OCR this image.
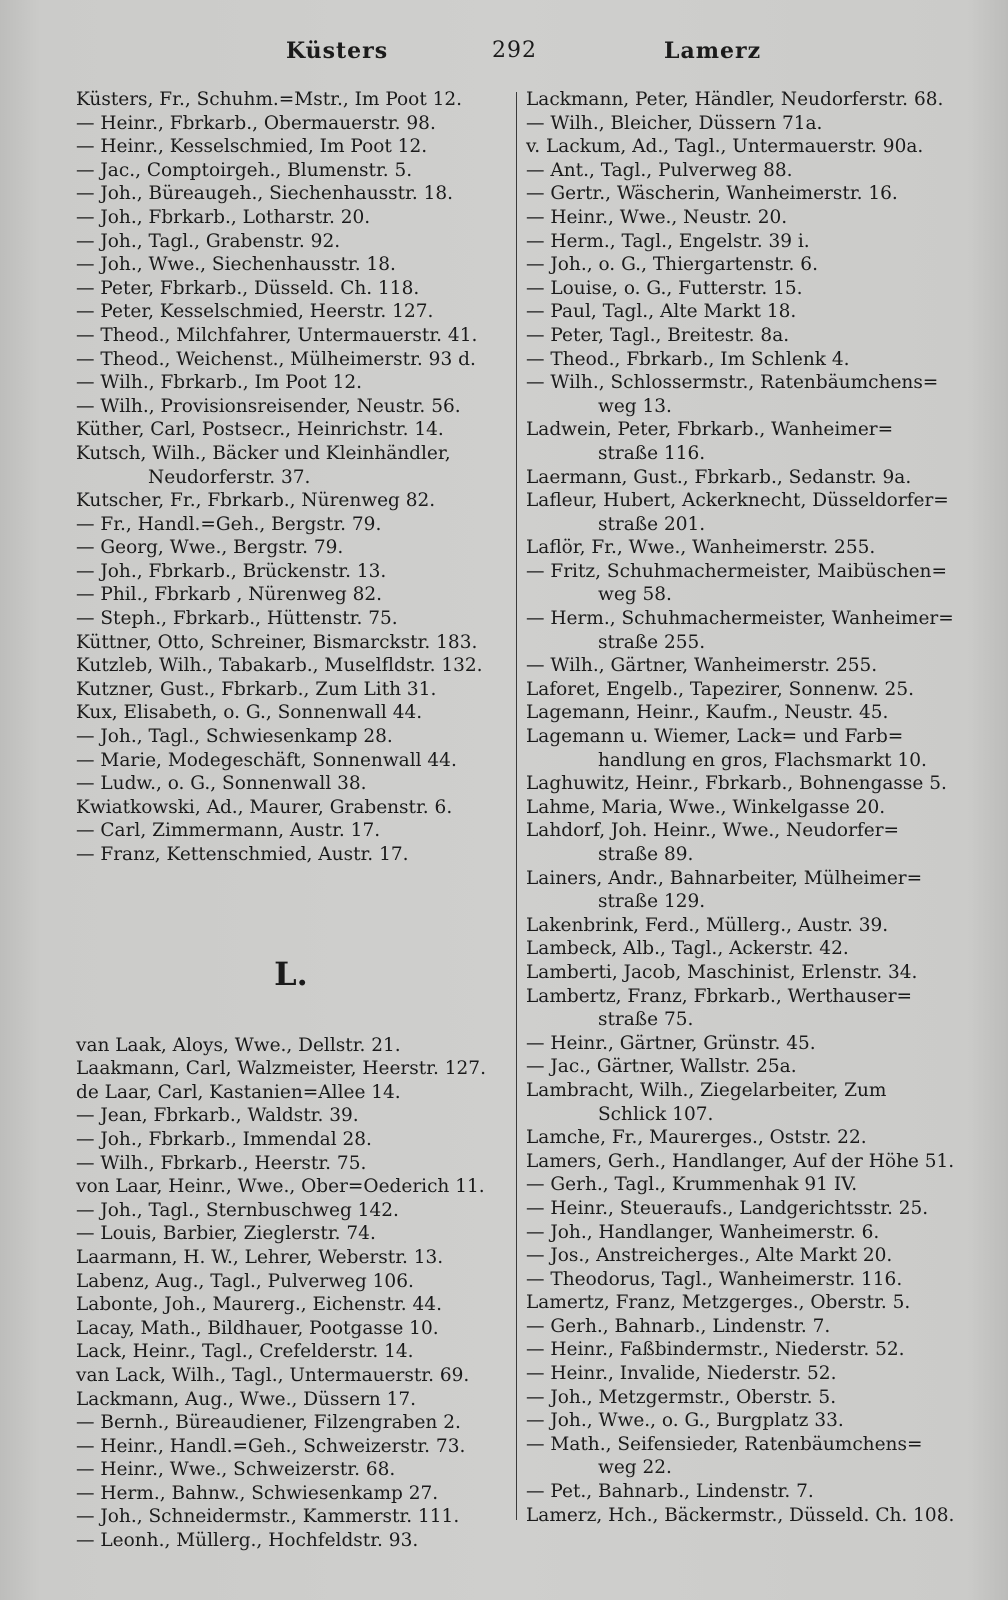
Küsters	292	Lamerz
Küsters, Fr., Schuhm.=Mstr., Im Poot 12.
— Heinr., Fbrkarb., Obermauerstr. 98.
— Heinr., Kesselschmied, Im Poot 12.
— Jac., Comptoirgeh., Blumenstr. 5.
— Joh., Büreaugeh., Siechenhausstr. 18.
— Joh., Fbrkarb., Lotharstr. 20.
— Joh., Tagl., Grabenstr. 92.
— Joh., Wwe., Siechenhausstr. 18.
— Peter, Fbrkarb., Düsseld. Ch. 118.
— Peter, Kesselschmied, Heerstr. 127.
— Theod., Milchfahrer, Untermauerstr. 41.
— Theod., Weichenst., Mülheimerstr. 93 d.
— Wilh., Fbrkarb., Im Poot 12.
— Wilh., Provisionsreisender, Neustr. 56.
Küther, Carl, Postsecr., Heinrichstr. 14.
Kutsch, Wilh., Bäcker und Kleinhändler,
Neudorferstr. 37.
Kutscher, Fr., Fbrkarb., Nürenweg 82.
— Fr., Handl.=Geh., Bergstr. 79.
— Georg, Wwe., Bergstr. 79.
— Joh., Fbrkarb., Brückenstr. 13.
— Phil., Fbrkarb , Nürenweg 82.
— Steph., Fbrkarb., Hüttenstr. 75.
Küttner, Otto, Schreiner, Bismarckstr. 183.
Kutzleb, Wilh., Tabakarb., Muselfldstr. 132.
Kutzner, Gust., Fbrkarb., Zum Lith 31.
Kux, Elisabeth, o. G., Sonnenwall 44.
— Joh., Tagl., Schwiesenkamp 28.
— Marie, Modegeschäft, Sonnenwall 44.
— Ludw., o. G., Sonnenwall 38.
Kwiatkowski, Ad., Maurer, Grabenstr. 6.
— Carl, Zimmermann, Austr. 17.
— Franz, Kettenschmied, Austr. 17.
L.
van Laak, Aloys, Wwe., Dellstr. 21.
Laakmann, Carl, Walzmeister, Heerstr. 127.
de Laar, Carl, Kastanien=Allee 14.
— Jean, Fbrkarb., Waldstr. 39.
— Joh., Fbrkarb., Immendal 28.
— Wilh., Fbrkarb., Heerstr. 75.
von Laar, Heinr., Wwe., Ober=Oederich 11.
— Joh., Tagl., Sternbuschweg 142.
— Louis, Barbier, Zieglerstr. 74.
Laarmann, H. W., Lehrer, Weberstr. 13.
Labenz, Aug., Tagl., Pulverweg 106.
Labonte, Joh., Maurerg., Eichenstr. 44.
Lacay, Math., Bildhauer, Pootgasse 10.
Lack, Heinr., Tagl., Crefelderstr. 14.
van Lack, Wilh., Tagl., Untermauerstr. 69.
Lackmann, Aug., Wwe., Düssern 17.
— Bernh., Büreaudiener, Filzengraben 2.
— Heinr., Handl.=Geh., Schweizerstr. 73.
— Heinr., Wwe., Schweizerstr. 68.
— Herm., Bahnw., Schwiesenkamp 27.
— Joh., Schneidermstr., Kammerstr. 111.
— Leonh., Müllerg., Hochfeldstr. 93.
Lackmann, Peter, Händler, Neudorferstr. 68.
— Wilh., Bleicher, Düssern 71a.
v. Lackum, Ad., Tagl., Untermauerstr. 90a.
— Ant., Tagl., Pulverweg 88.
— Gertr., Wäscherin, Wanheimerstr. 16.
— Heinr., Wwe., Neustr. 20.
— Herm., Tagl., Engelstr. 39 i.
— Joh., o. G., Thiergartenstr. 6.
— Louise, o. G., Futterstr. 15.
— Paul, Tagl., Alte Markt 18.
— Peter, Tagl., Breitestr. 8a.
— Theod., Fbrkarb., Im Schlenk 4.
— Wilh., Schlossermstr., Ratenbäumchens=
weg 13.
Ladwein, Peter, Fbrkarb., Wanheimer=
straße 116.
Laermann, Gust., Fbrkarb., Sedanstr. 9a.
Lafleur, Hubert, Ackerknecht, Düsseldorfer=
straße 201.
Laflör, Fr., Wwe., Wanheimerstr. 255.
— Fritz, Schuhmachermeister, Maibüschen=
weg 58.
— Herm., Schuhmachermeister, Wanheimer=
straße 255.
— Wilh., Gärtner, Wanheimerstr. 255.
Laforet, Engelb., Tapezirer, Sonnenw. 25.
Lagemann, Heinr., Kaufm., Neustr. 45.
Lagemann u. Wiemer, Lack= und Farb=
handlung en gros, Flachsmarkt 10.
Laghuwitz, Heinr., Fbrkarb., Bohnengasse 5.
Lahme, Maria, Wwe., Winkelgasse 20.
Lahdorf, Joh. Heinr., Wwe., Neudorfer=
straße 89.
Lainers, Andr., Bahnarbeiter, Mülheimer=
straße 129.
Lakenbrink, Ferd., Müllerg., Austr. 39.
Lambeck, Alb., Tagl., Ackerstr. 42.
Lamberti, Jacob, Maschinist, Erlenstr. 34.
Lambertz, Franz, Fbrkarb., Werthauser=
straße 75.
— Heinr., Gärtner, Grünstr. 45.
— Jac., Gärtner, Wallstr. 25a.
Lambracht, Wilh., Ziegelarbeiter, Zum
Schlick 107.
Lamche, Fr., Maurerges., Oststr. 22.
Lamers, Gerh., Handlanger, Auf der Höhe 51.
— Gerh., Tagl., Krummenhak 91 IV.
— Heinr., Steueraufs., Landgerichtsstr. 25.
— Joh., Handlanger, Wanheimerstr. 6.
— Jos., Anstreicherges., Alte Markt 20.
— Theodorus, Tagl., Wanheimerstr. 116.
Lamertz, Franz, Metzgerges., Oberstr. 5.
— Gerh., Bahnarb., Lindenstr. 7.
— Heinr., Faßbindermstr., Niederstr. 52.
— Heinr., Invalide, Niederstr. 52.
— Joh., Metzgermstr., Oberstr. 5.
— Joh., Wwe., o. G., Burgplatz 33.
— Math., Seifensieder, Ratenbäumchens=
weg 22.
— Pet., Bahnarb., Lindenstr. 7.
Lamerz, Hch., Bäckermstr., Düsseld. Ch. 108.
